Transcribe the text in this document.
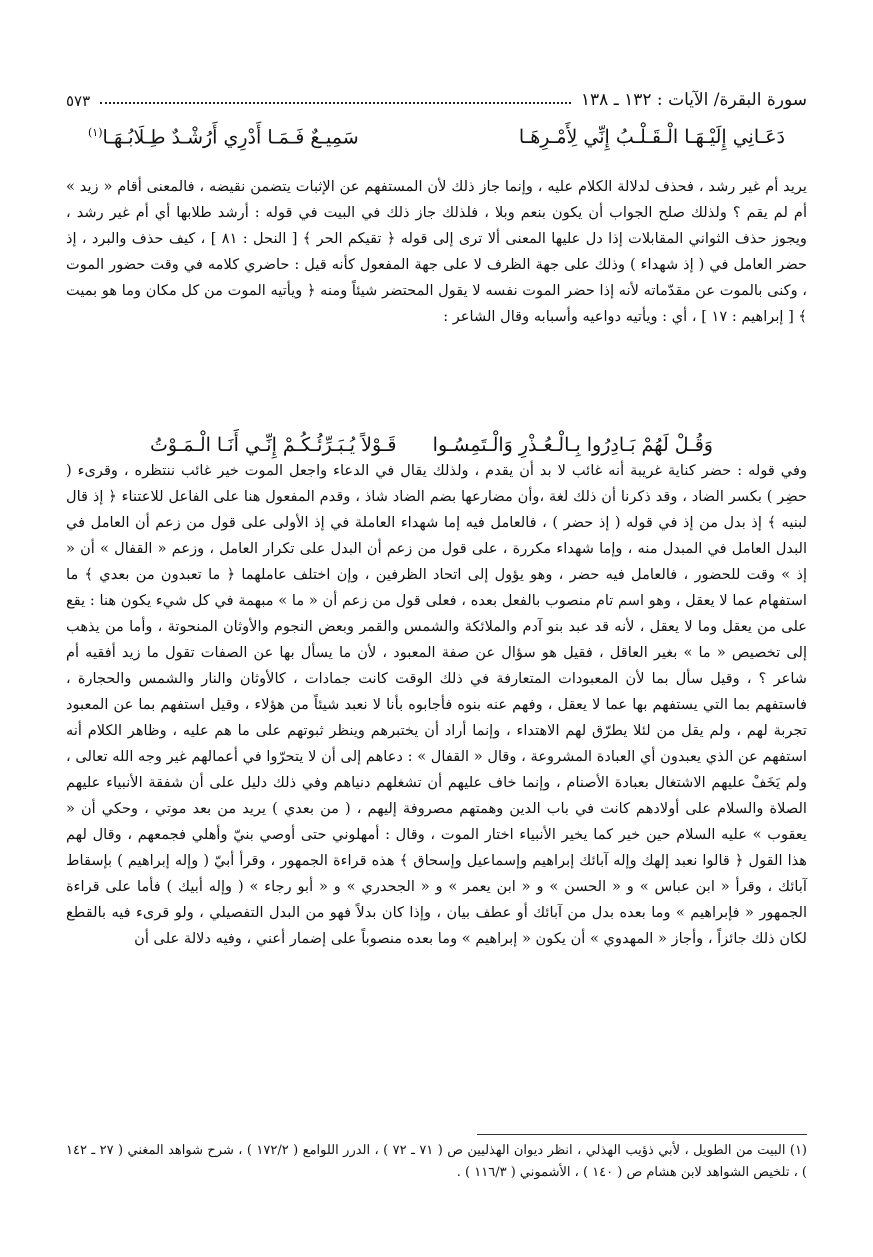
سورة البقرة/ الآيات : ١٣٢ ـ ١٣٨
٥٧٣
دَعَـانِي إِلَيْـهَـا الْـقَـلْـبُ إِنِّي لِأَمْـرِهَـا
سَمِيـعٌ فَـمَـا أَدْرِي أَرُشْـدٌ طِـلَابُـهَـا$^{(١)}$

يريد أم غير رشد ، فحذف لدلالة الكلام عليه ، وإنما جاز ذلك لأن المستفهم عن الإثبات يتضمن نقيضه ، فالمعنى أقام « زيد » أم لم يقم ؟ ولذلك صلح الجواب أن يكون بنعم وبلا ، فلذلك جاز ذلك في البيت في قوله : أرشد طلابها أي أم غير رشد ، ويجوز حذف الثواني المقابلات إذا دل عليها المعنى ألا ترى إلى قوله ﴿ تقيكم الحر ﴾ [ النحل : ٨١ ] ، كيف حذف والبرد ، إذ حضر العامل في ( إذ شهداء ) وذلك على جهة الظرف لا على جهة المفعول كأنه قيل : حاضري كلامه في وقت حضور الموت ، وكنى بالموت عن مقدّماته لأنه إذا حضر الموت نفسه لا يقول المحتضر شيئاً ومنه ﴿ ويأتيه الموت من كل مكان وما هو بميت ﴾ [ إبراهيم : ١٧ ] ، أي : ويأتيه دواعيه وأسبابه وقال الشاعر :

وَقُـلْ لَهُمْ بَـادِرُوا بِـالْـعُـذْرِ وَالْـتَمِسُـوا
قَـوْلاً يُـبَـرِّئُـكُـمْ إِنِّـي أَنَـا الْـمَـوْتُ

وفي قوله : حضر كناية غريبة أنه غائب لا بد أن يقدم ، ولذلك يقال في الدعاء واجعل الموت خير غائب ننتظره ، وقرىء ( حضِر ) بكسر الضاد ، وقد ذكرنا أن ذلك لغة ،وأن مضارعها بضم الضاد شاذ ، وقدم المفعول هنا على الفاعل للاعتناء ﴿ إذ قال لبنيه ﴾ إذ بدل من إذ في قوله ( إذ حضر ) ، فالعامل فيه إما شهداء العاملة في إذ الأولى على قول من زعم أن العامل في البدل العامل في المبدل منه ، وإما شهداء مكررة ، على قول من زعم أن البدل على تكرار العامل ، وزعم « القفال » أن « إذ » وقت للحضور ، فالعامل فيه حضر ، وهو يؤول إلى اتحاد الظرفين ، وإن اختلف عاملهما ﴿ ما تعبدون من بعدي ﴾ ما استفهام عما لا يعقل ، وهو اسم تام منصوب بالفعل بعده ، فعلى قول من زعم أن « ما » مبهمة في كل شيء يكون هنا : يقع على من يعقل وما لا يعقل ، لأنه قد عبد بنو آدم والملائكة والشمس والقمر وبعض النجوم والأوثان المنحوتة ، وأما من يذهب إلى تخصيص « ما » بغير العاقل ، فقيل هو سؤال عن صفة المعبود ، لأن ما يسأل بها عن الصفات تقول ما زيد أفقيه أم شاعر ؟ ، وقيل سأل بما لأن المعبودات المتعارفة في ذلك الوقت كانت جمادات ، كالأوثان والنار والشمس والحجارة ، فاستفهم بما التي يستفهم بها عما لا يعقل ، وفهم عنه بنوه فأجابوه بأنا لا نعبد شيئاً من هؤلاء ، وقيل استفهم بما عن المعبود تجربة لهم ، ولم يقل من لئلا يطرّق لهم الاهتداء ، وإنما أراد أن يختبرهم وينظر ثبوتهم على ما هم عليه ، وظاهر الكلام أنه استفهم عن الذي يعبدون أي العبادة المشروعة ، وقال « القفال » : دعاهم إلى أن لا يتحرّوا في أعمالهم غير وجه الله تعالى ، ولم يَخَفْ عليهم الاشتغال بعبادة الأصنام ، وإنما خاف عليهم أن تشغلهم دنياهم وفي ذلك دليل على أن شفقة الأنبياء عليهم الصلاة والسلام على أولادهم كانت في باب الدين وهمتهم مصروفة إليهم ، ( من بعدي ) يريد من بعد موتي ، وحكي أن « يعقوب » عليه السلام حين خير كما يخير الأنبياء اختار الموت ، وقال : أمهلوني حتى أوصي بنيّ وأهلي فجمعهم ، وقال لهم هذا القول ﴿ قالوا نعبد إلهك وإله آبائك إبراهيم وإسماعيل وإسحاق ﴾ هذه قراءة الجمهور ، وقرأ أبيّ ( وإله إبراهيم ) بإسقاط آبائك ، وقرأ « ابن عباس » و « الحسن » و « ابن يعمر » و « الجحدري » و « أبو رجاء » ( وإله أبيك ) فأما على قراءة الجمهور « فإبراهيم » وما بعده بدل من آبائك أو عطف بيان ، وإذا كان بدلاً فهو من البدل التفصيلي ، ولو قرىء فيه بالقطع لكان ذلك جائزاً ، وأجاز « المهدوي » أن يكون « إبراهيم » وما بعده منصوباً على إضمار أعني ، وفيه دلالة على أن

(١) البيت من الطويل ، لأبي ذؤيب الهذلي ، انظر ديوان الهذليين ص ( ٧١ ـ ٧٢ ) ، الدرر اللوامع ( ١٧٢/٢ ) ، شرح شواهد المغني ( ٢٧ ـ ١٤٢ ) ، تلخيص الشواهد لابن هشام ص ( ١٤٠ ) ، الأشموني ( ١١٦/٣ ) .
